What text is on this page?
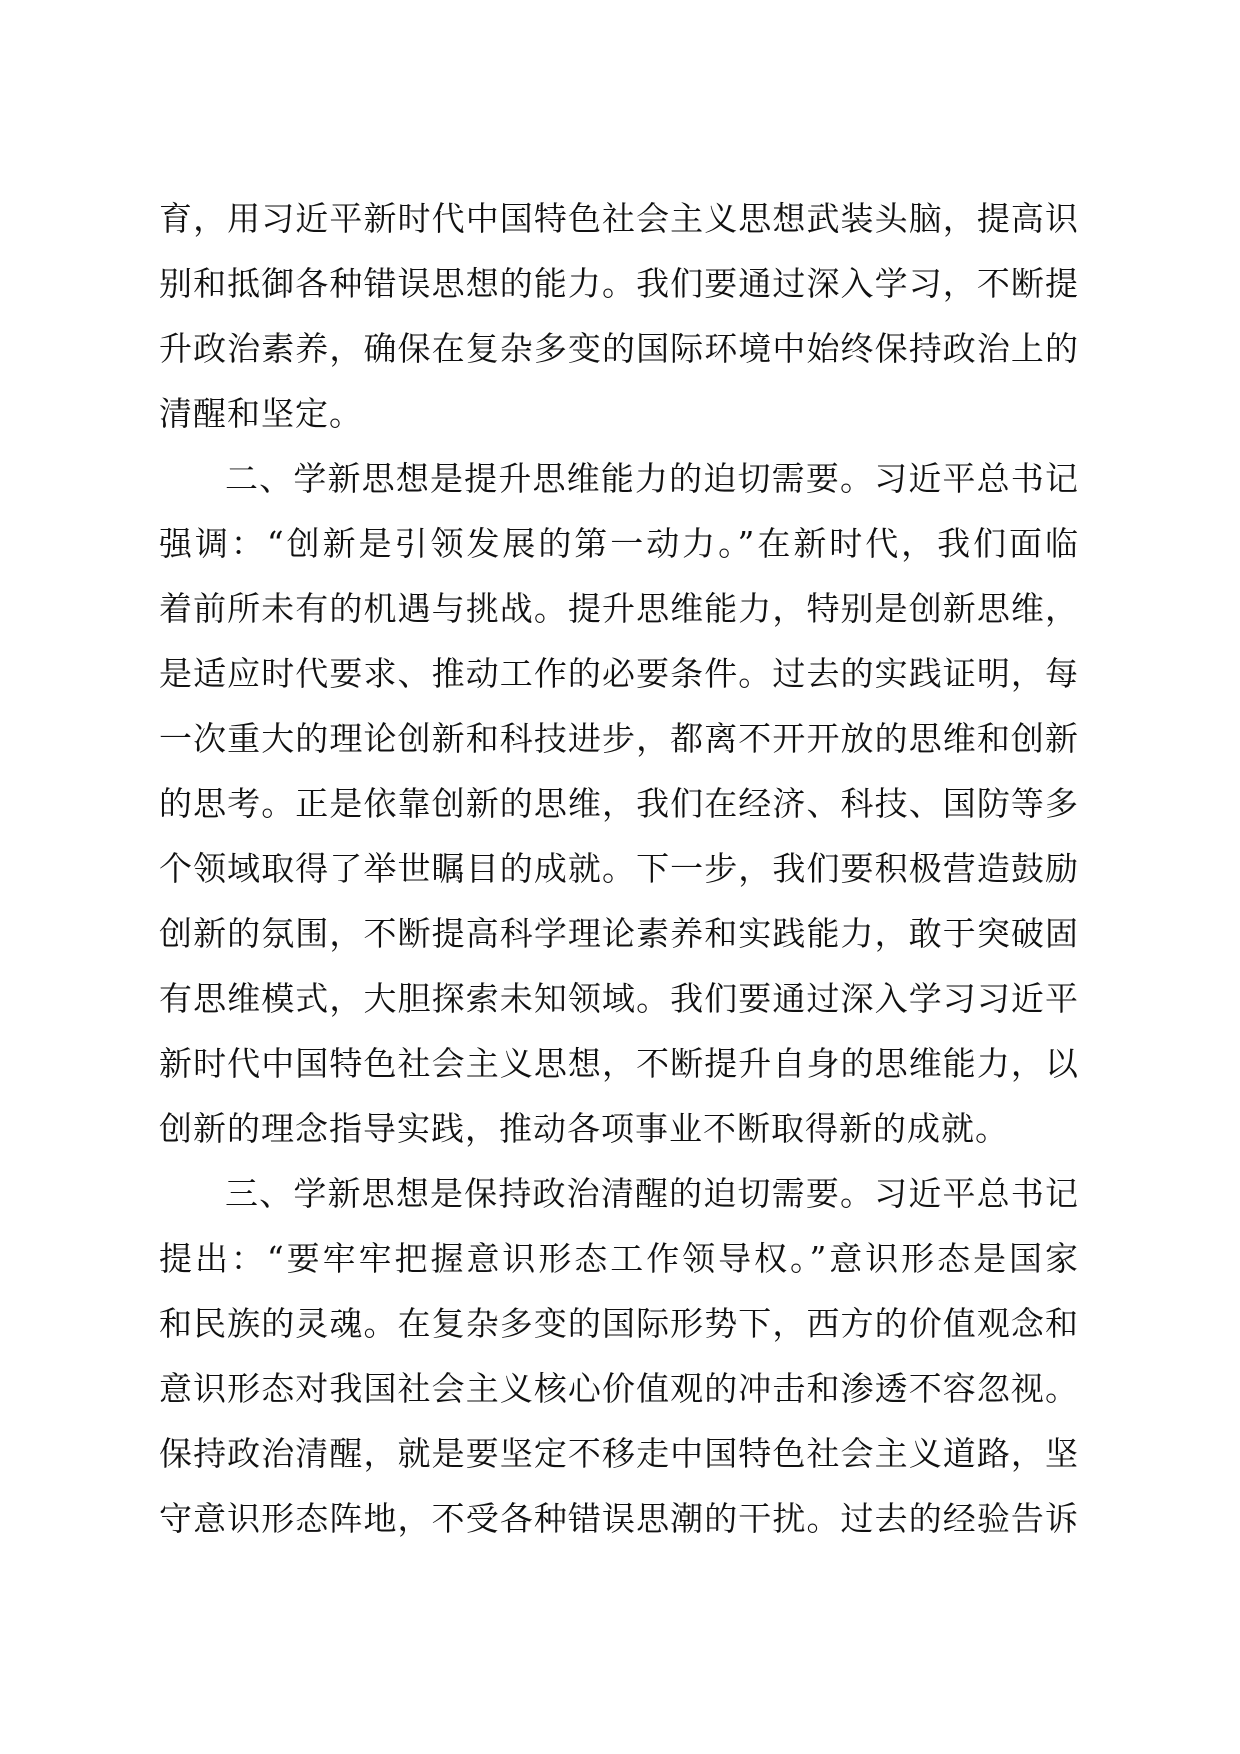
育，用习近平新时代中国特色社会主义思想武装头脑，提高识
别和抵御各种错误思想的能力。我们要通过深入学习，不断提
升政治素养，确保在复杂多变的国际环境中始终保持政治上的
清醒和坚定。
二、学新思想是提升思维能力的迫切需要。习近平总书记
强调：“创新是引领发展的第一动力。”在新时代，我们面临
着前所未有的机遇与挑战。提升思维能力，特别是创新思维，
是适应时代要求、推动工作的必要条件。过去的实践证明，每
一次重大的理论创新和科技进步，都离不开开放的思维和创新
的思考。正是依靠创新的思维，我们在经济、科技、国防等多
个领域取得了举世瞩目的成就。下一步，我们要积极营造鼓励
创新的氛围，不断提高科学理论素养和实践能力，敢于突破固
有思维模式，大胆探索未知领域。我们要通过深入学习习近平
新时代中国特色社会主义思想，不断提升自身的思维能力，以
创新的理念指导实践，推动各项事业不断取得新的成就。
三、学新思想是保持政治清醒的迫切需要。习近平总书记
提出：“要牢牢把握意识形态工作领导权。”意识形态是国家
和民族的灵魂。在复杂多变的国际形势下，西方的价值观念和
意识形态对我国社会主义核心价值观的冲击和渗透不容忽视。
保持政治清醒，就是要坚定不移走中国特色社会主义道路，坚
守意识形态阵地，不受各种错误思潮的干扰。过去的经验告诉
